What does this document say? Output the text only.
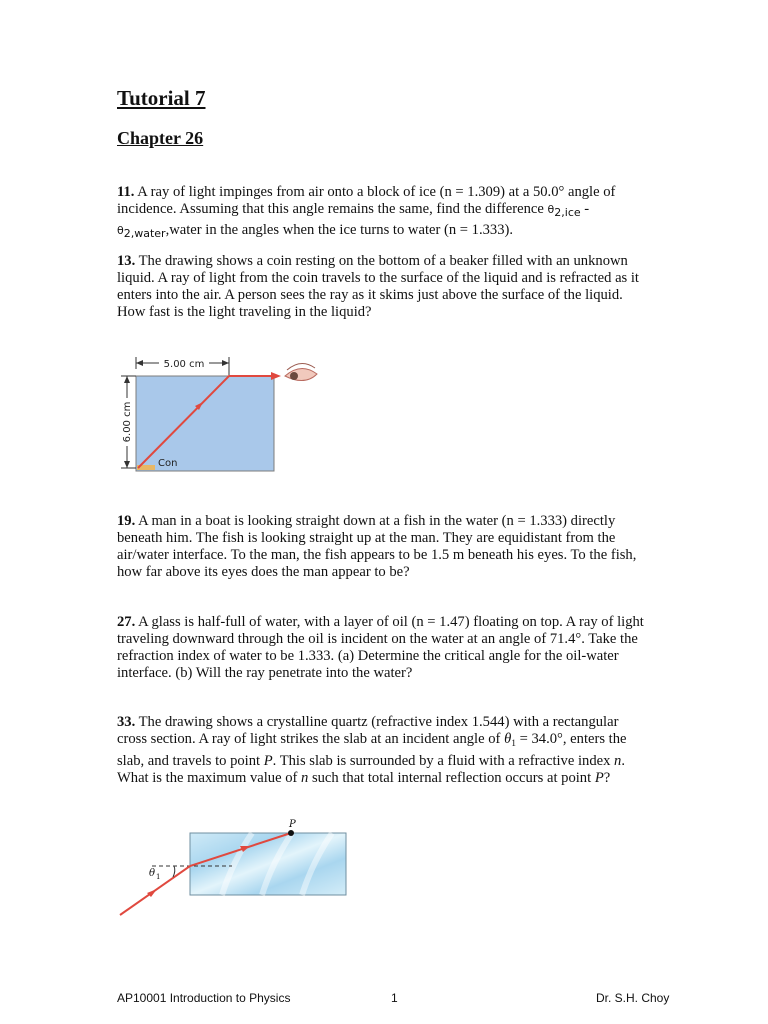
Tutorial 7
Chapter 26

11. A ray of light impinges from air onto a block of ice (n = 1.309) at a 50.0° angle of incidence. Assuming that this angle remains the same, find the difference $\theta_{2,ice}$ -
$\theta_{2,water},water$ in the angles when the ice turns to water (n = 1.333).

13. The drawing shows a coin resting on the bottom of a beaker filled with an unknown liquid. A ray of light from the coin travels to the surface of the liquid and is refracted as it enters into the air. A person sees the ray as it skims just above the surface of the liquid. How fast is the light traveling in the liquid?

5.00 cm
6.00 cm
Con

19. A man in a boat is looking straight down at a fish in the water (n = 1.333) directly beneath him. The fish is looking straight up at the man. They are equidistant from the air/water interface. To the man, the fish appears to be 1.5 m beneath his eyes. To the fish, how far above its eyes does the man appear to be?

27. A glass is half-full of water, with a layer of oil (n = 1.47) floating on top. A ray of light traveling downward through the oil is incident on the water at an angle of 71.4°. Take the refraction index of water to be 1.333. (a) Determine the critical angle for the oil-water interface. (b) Will the ray penetrate into the water?

33. The drawing shows a crystalline quartz (refractive index 1.544) with a rectangular cross section. A ray of light strikes the slab at an incident angle of $\theta_1 = 34.0^\circ$, enters the slab, and travels to point P. This slab is surrounded by a fluid with a refractive index n. What is the maximum value of n such that total internal reflection occurs at point P?

P
θ 1
AP10001 Introduction to Physics	1	Dr. S.H. Choy
